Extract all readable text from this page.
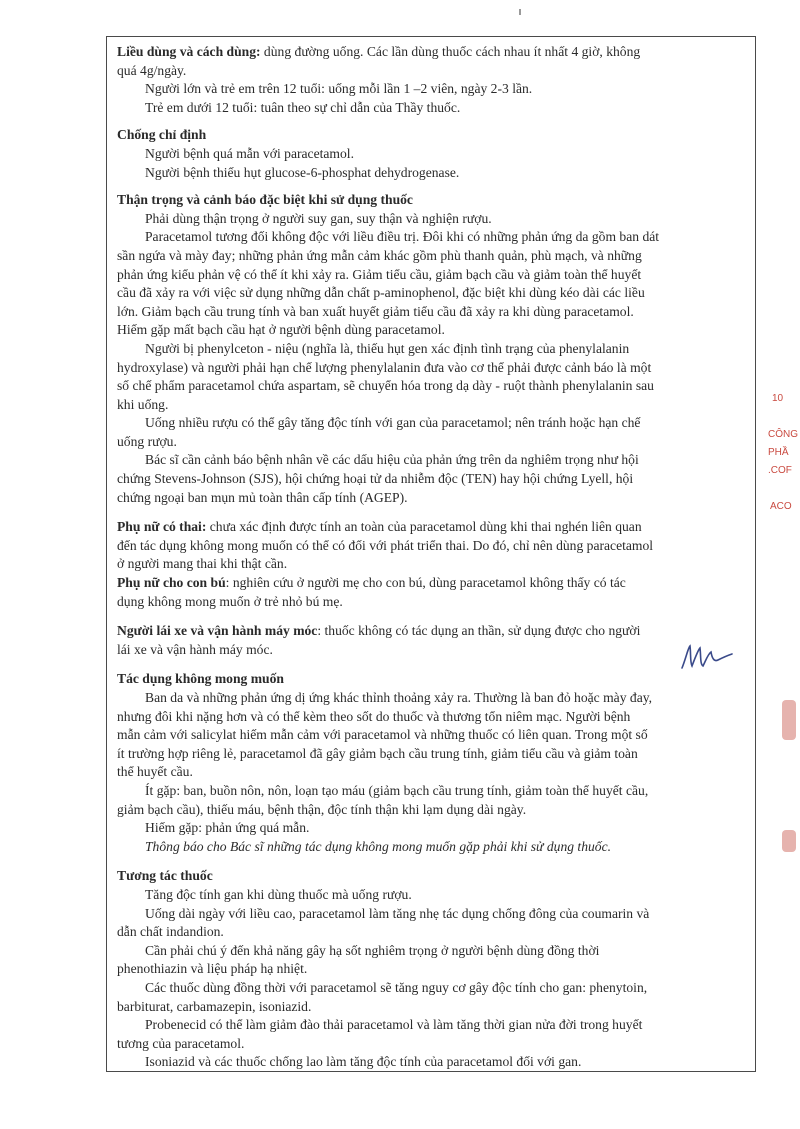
Liều dùng và cách dùng: dùng đường uống. Các lần dùng thuốc cách nhau ít nhất 4 giờ, không

quá 4g/ngày.

Người lớn và trẻ em trên 12 tuổi: uống mỗi lần 1 –2 viên, ngày 2-3 lần.

Trẻ em dưới 12 tuổi: tuân theo sự chỉ dẫn của Thầy thuốc.

Chống chỉ định

Người bệnh quá mẫn với paracetamol.

Người bệnh thiếu hụt glucose-6-phosphat dehydrogenase.

Thận trọng và cảnh báo đặc biệt khi sử dụng thuốc

Phải dùng thận trọng ở người suy gan, suy thận và nghiện rượu.

Paracetamol tương đối không độc với liều điều trị. Đôi khi có những phản ứng da gồm ban dát

sần ngứa và mày đay; những phản ứng mẫn cảm khác gồm phù thanh quản, phù mạch, và những

phản ứng kiểu phản vệ có thể ít khi xảy ra. Giảm tiểu cầu, giảm bạch cầu và giảm toàn thể huyết

cầu đã xảy ra với việc sử dụng những dẫn chất p-aminophenol, đặc biệt khi dùng kéo dài các liều

lớn. Giảm bạch cầu trung tính và ban xuất huyết giảm tiểu cầu đã xảy ra khi dùng paracetamol.

Hiếm gặp mất bạch cầu hạt ở người bệnh dùng paracetamol.

Người bị phenylceton - niệu (nghĩa là, thiếu hụt gen xác định tình trạng của phenylalanin

hydroxylase) và người phải hạn chế lượng phenylalanin đưa vào cơ thể phải được cảnh báo là một

số chế phẩm paracetamol chứa aspartam, sẽ chuyển hóa trong dạ dày - ruột thành phenylalanin sau

khi uống.

Uống nhiều rượu có thể gây tăng độc tính với gan của paracetamol; nên tránh hoặc hạn chế

uống rượu.

Bác sĩ cần cảnh báo bệnh nhân về các dấu hiệu của phản ứng trên da nghiêm trọng như hội

chứng Stevens-Johnson (SJS), hội chứng hoại tử da nhiễm độc (TEN) hay hội chứng Lyell, hội

chứng ngoại ban mụn mủ toàn thân cấp tính (AGEP).

Phụ nữ có thai: chưa xác định được tính an toàn của paracetamol dùng khi thai nghén liên quan

đến tác dụng không mong muốn có thể có đối với phát triển thai. Do đó, chỉ nên dùng paracetamol

ở người mang thai khi thật cần.

Phụ nữ cho con bú: nghiên cứu ở người mẹ cho con bú, dùng paracetamol không thấy có tác

dụng không mong muốn ở trẻ nhỏ bú mẹ.

Người lái xe và vận hành máy móc: thuốc không có tác dụng an thần, sử dụng được cho người

lái xe và vận hành máy móc.

Tác dụng không mong muốn

Ban da và những phản ứng dị ứng khác thỉnh thoảng xảy ra. Thường là ban đỏ hoặc mày đay,

nhưng đôi khi nặng hơn và có thể kèm theo sốt do thuốc và thương tổn niêm mạc. Người bệnh

mẫn cảm với salicylat hiếm mẫn cảm với paracetamol và những thuốc có liên quan. Trong một số

ít trường hợp riêng lẻ, paracetamol đã gây giảm bạch cầu trung tính, giảm tiểu cầu và giảm toàn

thể huyết cầu.

Ít gặp: ban, buồn nôn, nôn, loạn tạo máu (giảm bạch cầu trung tính, giảm toàn thể huyết cầu,

giảm bạch cầu), thiếu máu, bệnh thận, độc tính thận khi lạm dụng dài ngày.

Hiếm gặp: phản ứng quá mẫn.

Thông báo cho Bác sĩ những tác dụng không mong muốn gặp phải khi sử dụng thuốc.

Tương tác thuốc

Tăng độc tính gan khi dùng thuốc mà uống rượu.

Uống dài ngày với liều cao, paracetamol làm tăng nhẹ tác dụng chống đông của coumarin và

dẫn chất indandion.

Cần phải chú ý đến khả năng gây hạ sốt nghiêm trọng ở người bệnh dùng đồng thời

phenothiazin và liệu pháp hạ nhiệt.

Các thuốc dùng đồng thời với paracetamol sẽ tăng nguy cơ gây độc tính cho gan: phenytoin,

barbiturat, carbamazepin, isoniazid.

Probenecid có thể làm giảm đào thải paracetamol và làm tăng thời gian nửa đời trong huyết

tương của paracetamol.

Isoniazid và các thuốc chống lao làm tăng độc tính của paracetamol đối với gan.

10
CÔNG
PHẦ
.COF
ACO
